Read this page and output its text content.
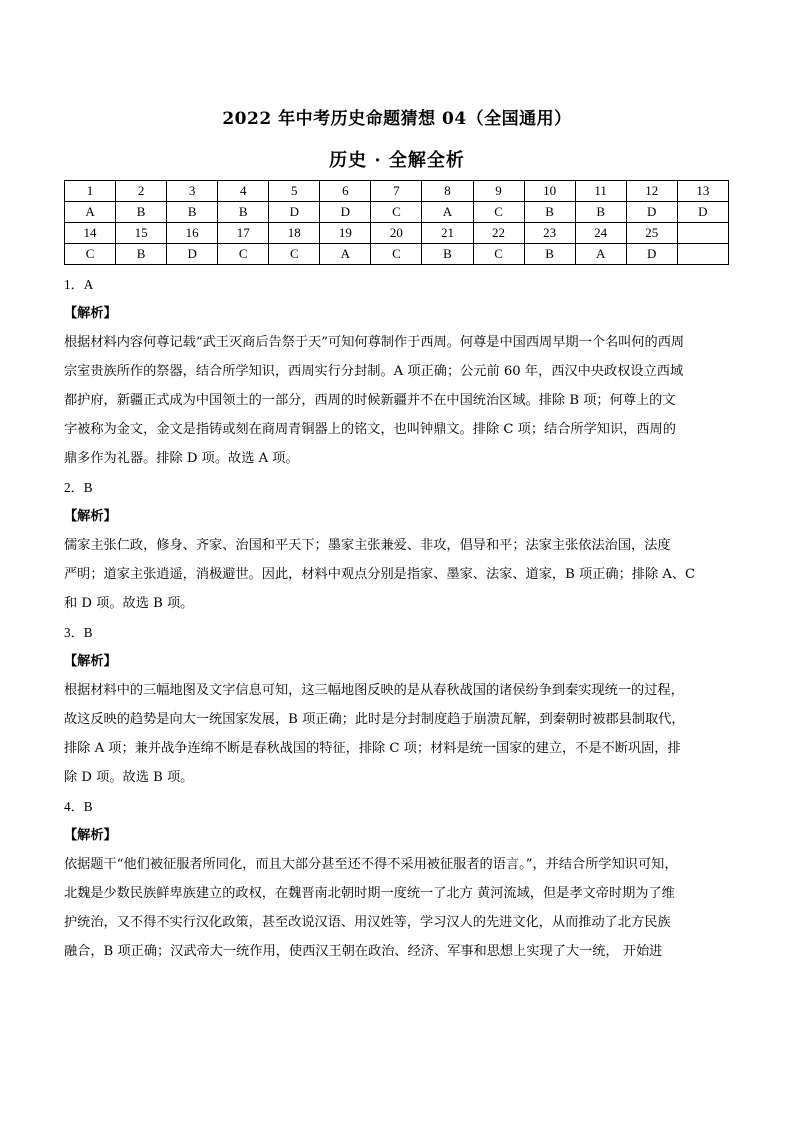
2022 年中考历史命题猜想 04（全国通用）
历史 · 全解全析
1	2	3	4	5	6	7	8	9	10	11	12	13
A	B	B	B	D	D	C	A	C	B	B	D	D
14	15	16	17	18	19	20	21	22	23	24	25	
C	B	D	C	C	A	C	B	C	B	A	D	

1．A

【解析】

根据材料内容何尊记载“武王灭商后告祭于天”可知何尊制作于西周。何尊是中国西周早期一个名叫何的西周

宗室贵族所作的祭器，结合所学知识，西周实行分封制。A 项正确；公元前 60 年，西汉中央政权设立西域

都护府，新疆正式成为中国领土的一部分，西周的时候新疆并不在中国统治区域。排除 B 项；何尊上的文

字被称为金文，金文是指铸或刻在商周青铜器上的铭文，也叫钟鼎文。排除 C 项；结合所学知识，西周的

鼎多作为礼器。排除 D 项。故选 A 项。

2．B

【解析】

儒家主张仁政，修身、齐家、治国和平天下；墨家主张兼爱、非攻，倡导和平；法家主张依法治国，法度

严明；道家主张逍遥，消极避世。因此，材料中观点分别是指家、墨家、法家、道家，B 项正确；排除 A、C

和 D 项。故选 B 项。

3．B

【解析】

根据材料中的三幅地图及文字信息可知，这三幅地图反映的是从春秋战国的诸侯纷争到秦实现统一的过程，

故这反映的趋势是向大一统国家发展，B 项正确；此时是分封制度趋于崩溃瓦解，到秦朝时被郡县制取代，

排除 A 项；兼并战争连绵不断是春秋战国的特征，排除 C 项；材料是统一国家的建立，不是不断巩固，排

除 D 项。故选 B 项。

4．B

【解析】

依据题干“他们被征服者所同化，而且大部分甚至还不得不采用被征服者的语言。”，并结合所学知识可知，

北魏是少数民族鲜卑族建立的政权，在魏晋南北朝时期一度统一了北方 黄河流域，但是孝文帝时期为了维

护统治，又不得不实行汉化政策，甚至改说汉语、用汉姓等，学习汉人的先进文化，从而推动了北方民族

融合，B 项正确；汉武帝大一统作用，使西汉王朝在政治、经济、军事和思想上实现了大一统， 开始进
